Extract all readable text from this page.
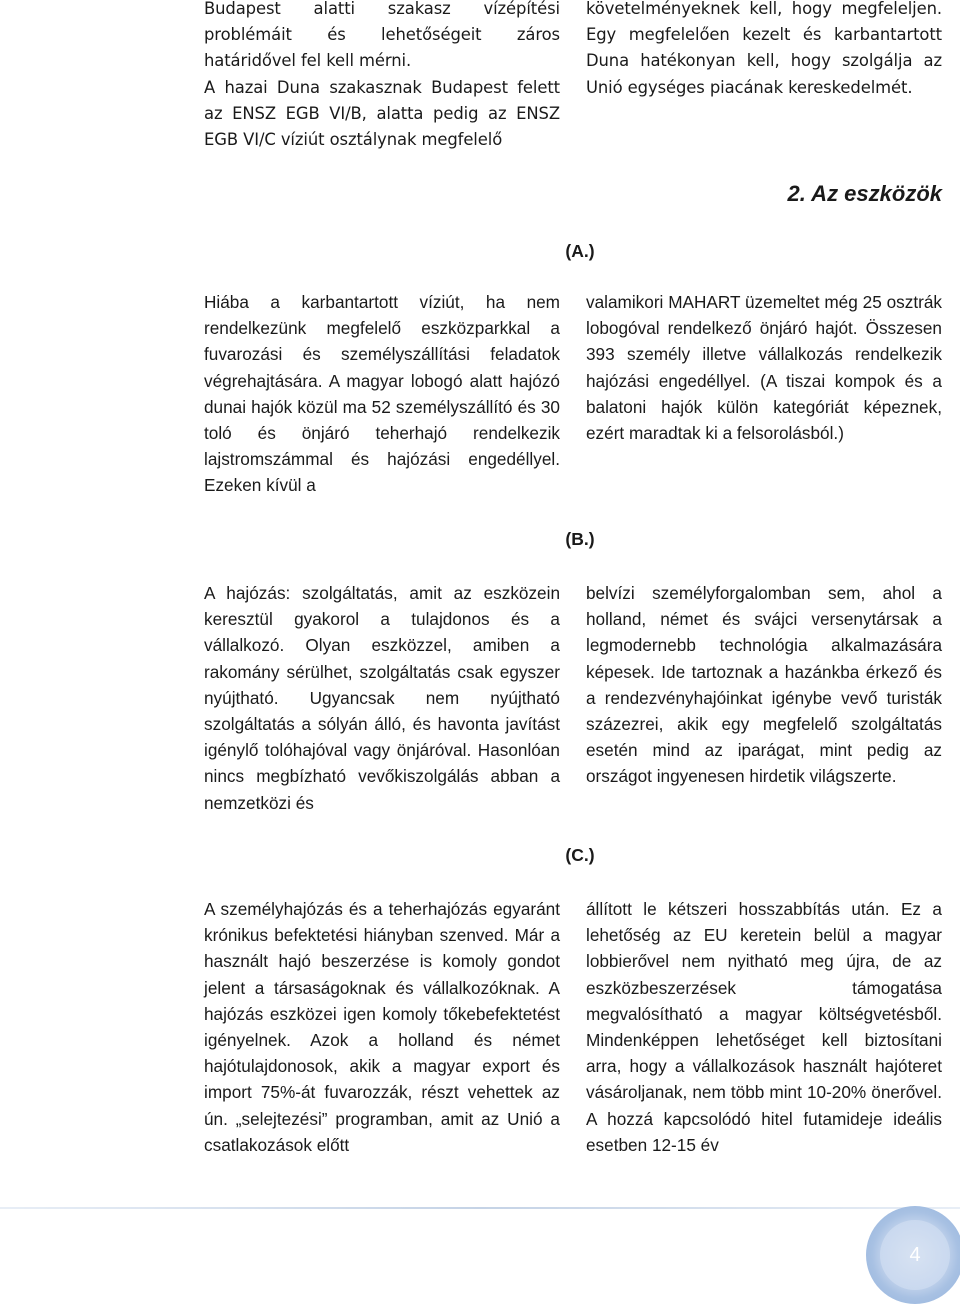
Budapest alatti szakasz vízépítési problémáit és lehetőségeit záros határidővel fel kell mérni.

A hazai Duna szakasznak Budapest felett az ENSZ EGB VI/B, alatta pedig az ENSZ EGB VI/C víziút osztálynak megfelelő

követelményeknek kell, hogy megfeleljen. Egy megfelelően kezelt és karbantartott Duna hatékonyan kell, hogy szolgálja az Unió egységes piacának kereskedelmét.

2. Az eszközök
(A.)

Hiába a karbantartott víziút, ha nem rendelkezünk megfelelő eszközparkkal a fuvarozási és személyszállítási feladatok végrehajtására. A magyar lobogó alatt hajózó dunai hajók közül ma 52 személyszállító és 30 toló és önjáró teherhajó rendelkezik lajstromszámmal és hajózási engedéllyel. Ezeken kívül a

valamikori MAHART üzemeltet még 25 osztrák lobogóval rendelkező önjáró hajót. Összesen 393 személy illetve vállalkozás rendelkezik hajózási engedéllyel. (A tiszai kompok és a balatoni hajók külön kategóriát képeznek, ezért maradtak ki a felsorolásból.)

(B.)

A hajózás: szolgáltatás, amit az eszközein keresztül gyakorol a tulajdonos és a vállalkozó. Olyan eszközzel, amiben a rakomány sérülhet, szolgáltatás csak egyszer nyújtható. Ugyancsak nem nyújtható szolgáltatás a sólyán álló, és havonta javítást igénylő tolóhajóval vagy önjáróval. Hasonlóan nincs megbízható vevőkiszolgálás abban a nemzetközi és

belvízi személyforgalomban sem, ahol a holland, német és svájci versenytársak a legmodernebb technológia alkalmazására képesek. Ide tartoznak a hazánkba érkező és a rendezvényhajóinkat igénybe vevő turisták százezrei, akik egy megfelelő szolgáltatás esetén mind az iparágat, mint pedig az országot ingyenesen hirdetik világszerte.

(C.)

A személyhajózás és a teherhajózás egyaránt krónikus befektetési hiányban szenved. Már a használt hajó beszerzése is komoly gondot jelent a társaságoknak és vállalkozóknak. A hajózás eszközei igen komoly tőkebefektetést igényelnek. Azok a holland és német hajótulajdonosok, akik a magyar export és import 75%-át fuvarozzák, részt vehettek az ún. „selejtezési” programban, amit az Unió a csatlakozások előtt

állított le kétszeri hosszabbítás után. Ez a lehetőség az EU keretein belül a magyar lobbierővel nem nyitható meg újra, de az eszközbeszerzések támogatása megvalósítható a magyar költségvetésből. Mindenképpen lehetőséget kell biztosítani arra, hogy a vállalkozások használt hajóteret vásároljanak, nem több mint 10-20% önerővel. A hozzá kapcsolódó hitel futamideje ideális esetben 12-15 év

4
